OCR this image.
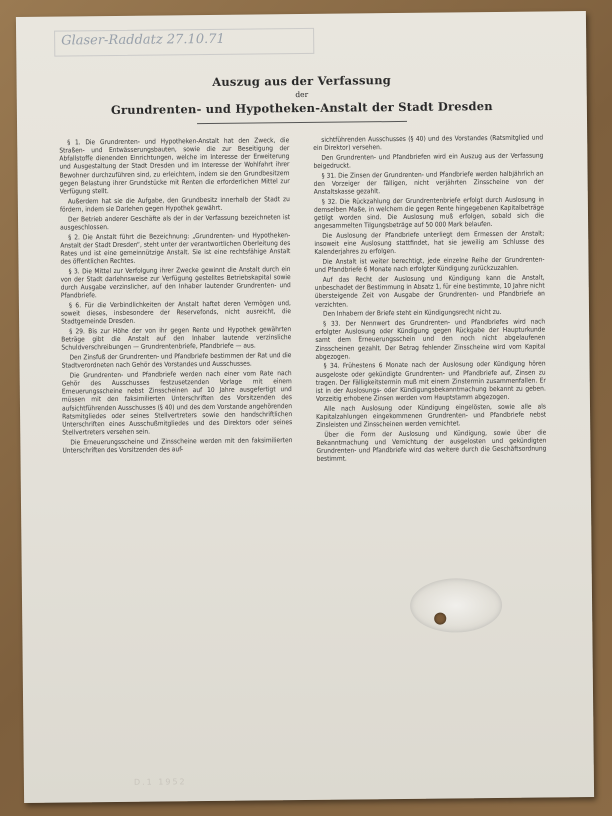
Glaser-Raddatz 27.10.71
Auszug aus der Verfassung
der
Grundrenten- und Hypotheken-Anstalt der Stadt Dresden

§ 1. Die Grundrenten- und Hypotheken-Anstalt hat den Zweck, die Straßen- und Entwässerungsbauten, sowie die zur Beseitigung der Abfallstoffe dienenden Einrichtungen, welche im Interesse der Erweiterung und Ausgestaltung der Stadt Dresden und im Interesse der Wohlfahrt ihrer Bewohner durchzuführen sind, zu erleichtern, indem sie den Grundbesitzern gegen Belastung ihrer Grundstücke mit Renten die erforderlichen Mittel zur Verfügung stellt.

Außerdem hat sie die Aufgabe, den Grundbesitz innerhalb der Stadt zu fördern, indem sie Darlehen gegen Hypothek gewährt.

Der Betrieb anderer Geschäfte als der in der Verfassung bezeichneten ist ausgeschlossen.

§ 2. Die Anstalt führt die Bezeichnung: „Grundrenten- und Hypotheken-Anstalt der Stadt Dresden“, steht unter der verantwortlichen Oberleitung des Rates und ist eine gemeinnützige Anstalt. Sie ist eine rechtsfähige Anstalt des öffentlichen Rechtes.

§ 3. Die Mittel zur Verfolgung ihrer Zwecke gewinnt die Anstalt durch ein von der Stadt darlehnsweise zur Verfügung gestelltes Betriebskapital sowie durch Ausgabe verzinslicher, auf den Inhaber lautender Grundrenten- und Pfandbriefe.

§ 6. Für die Verbindlichkeiten der Anstalt haftet deren Vermögen und, soweit dieses, insbesondere der Reservefonds, nicht ausreicht, die Stadtgemeinde Dresden.

§ 29. Bis zur Höhe der von ihr gegen Rente und Hypothek gewährten Beträge gibt die Anstalt auf den Inhaber lautende verzinsliche Schuldverschreibungen — Grundrentenbriefe, Pfandbriefe — aus.

Den Zinsfuß der Grundrenten- und Pfandbriefe bestimmen der Rat und die Stadtverordneten nach Gehör des Vorstandes und Ausschusses.

Die Grundrenten- und Pfandbriefe werden nach einer vom Rate nach Gehör des Ausschusses festzusetzenden Vorlage mit einem Erneuerungsscheine nebst Zinsscheinen auf 10 Jahre ausgefertigt und müssen mit den faksimilierten Unterschriften des Vorsitzenden des aufsichtführenden Ausschusses (§ 40) und des dem Vorstande angehörenden Ratsmitgliedes oder seines Stellvertreters sowie den handschriftlichen Unterschriften eines Ausschußmitgliedes und des Direktors oder seines Stellvertreters versehen sein.

Die Erneuerungsscheine und Zinsscheine werden mit den faksimilierten Unterschriften des Vorsitzenden des auf-

sichtführenden Ausschusses (§ 40) und des Vorstandes (Ratsmitglied und ein Direktor) versehen.

Den Grundrenten- und Pfandbriefen wird ein Auszug aus der Verfassung beigedruckt.

§ 31. Die Zinsen der Grundrenten- und Pfandbriefe werden halbjährlich an den Vorzeiger der fälligen, nicht verjährten Zinsscheine von der Anstaltskasse gezahlt.

§ 32. Die Rückzahlung der Grundrentenbriefe erfolgt durch Auslosung in demselben Maße, in welchem die gegen Rente hingegebenen Kapitalbeträge getilgt worden sind. Die Auslosung muß erfolgen, sobald sich die angesammelten Tilgungsbeträge auf 50 000 Mark belaufen.

Die Auslosung der Pfandbriefe unterliegt dem Ermessen der Anstalt; insoweit eine Auslosung stattfindet, hat sie jeweilig am Schlusse des Kalenderjahres zu erfolgen.

Die Anstalt ist weiter berechtigt, jede einzelne Reihe der Grundrenten- und Pfandbriefe 6 Monate nach erfolgter Kündigung zurückzuzahlen.

Auf das Recht der Auslosung und Kündigung kann die Anstalt, unbeschadet der Bestimmung in Absatz 1, für eine bestimmte, 10 Jahre nicht übersteigende Zeit von Ausgabe der Grundrenten- und Pfandbriefe an verzichten.

Den Inhabern der Briefe steht ein Kündigungsrecht nicht zu.

§ 33. Der Nennwert des Grundrenten- und Pfandbriefes wird nach erfolgter Auslosung oder Kündigung gegen Rückgabe der Haupturkunde samt dem Erneuerungsschein und den noch nicht abgelaufenen Zinsscheinen gezahlt. Der Betrag fehlender Zinsscheine wird vom Kapital abgezogen.

§ 34. Frühestens 6 Monate nach der Auslosung oder Kündigung hören ausgeloste oder gekündigte Grundrenten- und Pfandbriefe auf, Zinsen zu tragen. Der Fälligkeitstermin muß mit einem Zinstermin zusammenfallen. Er ist in der Auslosungs- oder Kündigungsbekanntmachung bekannt zu geben. Vorzeitig erhobene Zinsen werden vom Hauptstamm abgezogen.

Alle nach Auslosung oder Kündigung eingelösten, sowie alle als Kapitalzahlungen eingekommenen Grundrenten- und Pfandbriefe nebst Zinsleisten und Zinsscheinen werden vernichtet.

Über die Form der Auslosung und Kündigung, sowie über die Bekanntmachung und Vernichtung der ausgelosten und gekündigten Grundrenten- und Pfandbriefe wird das weitere durch die Geschäftsordnung bestimmt.

D.1 1952
